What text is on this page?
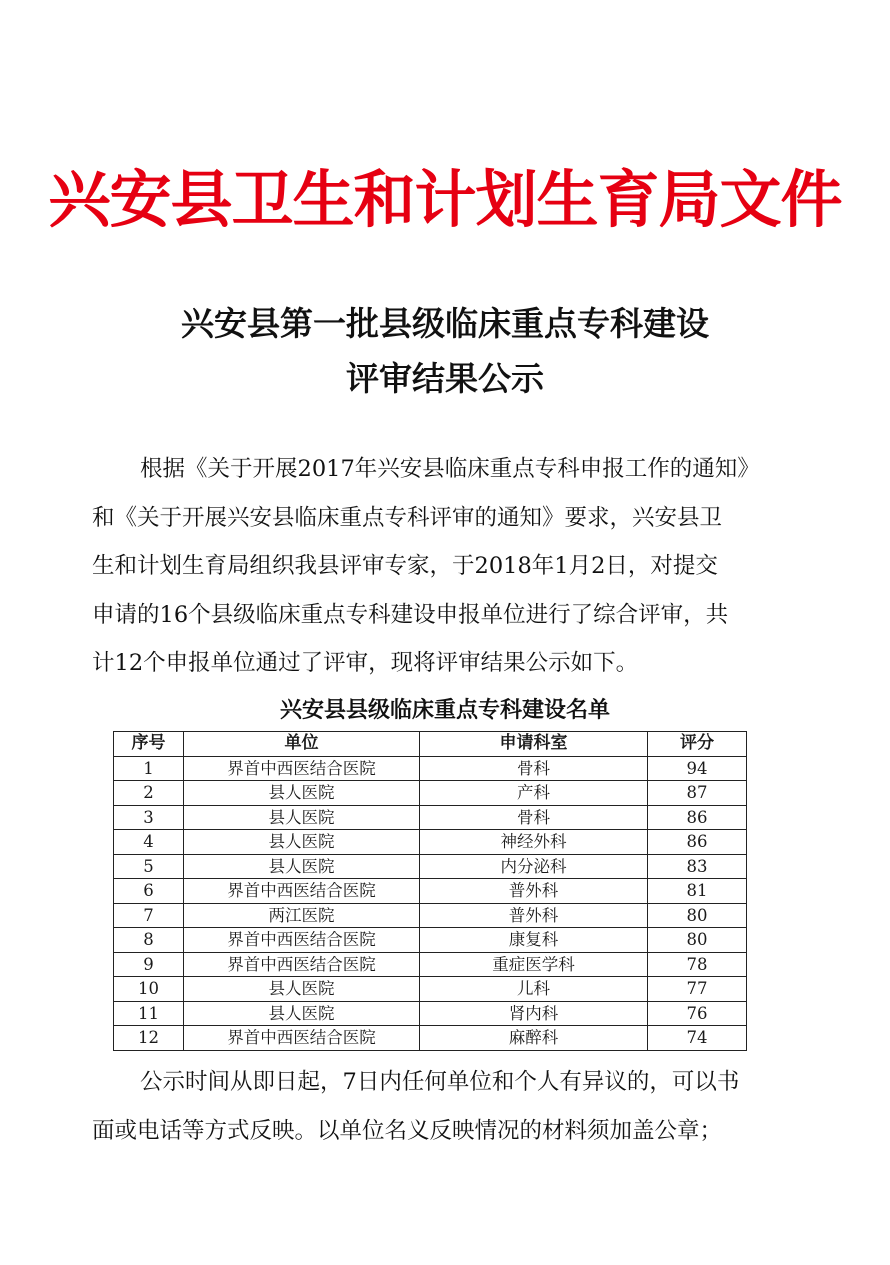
兴安县卫生和计划生育局文件
兴安县第一批县级临床重点专科建设
评审结果公示
根据《关于开展2017年兴安县临床重点专科申报工作的通知》
和《关于开展兴安县临床重点专科评审的通知》要求，兴安县卫
生和计划生育局组织我县评审专家，于2018年1月2日，对提交
申请的16个县级临床重点专科建设申报单位进行了综合评审，共
计12个申报单位通过了评审，现将评审结果公示如下。
兴安县县级临床重点专科建设名单
序号	单位	申请科室	评分
1	界首中西医结合医院	骨科	94
2	县人医院	产科	87
3	县人医院	骨科	86
4	县人医院	神经外科	86
5	县人医院	内分泌科	83
6	界首中西医结合医院	普外科	81
7	两江医院	普外科	80
8	界首中西医结合医院	康复科	80
9	界首中西医结合医院	重症医学科	78
10	县人医院	儿科	77
11	县人医院	肾内科	76
12	界首中西医结合医院	麻醉科	74
公示时间从即日起，7日内任何单位和个人有异议的，可以书
面或电话等方式反映。以单位名义反映情况的材料须加盖公章；
